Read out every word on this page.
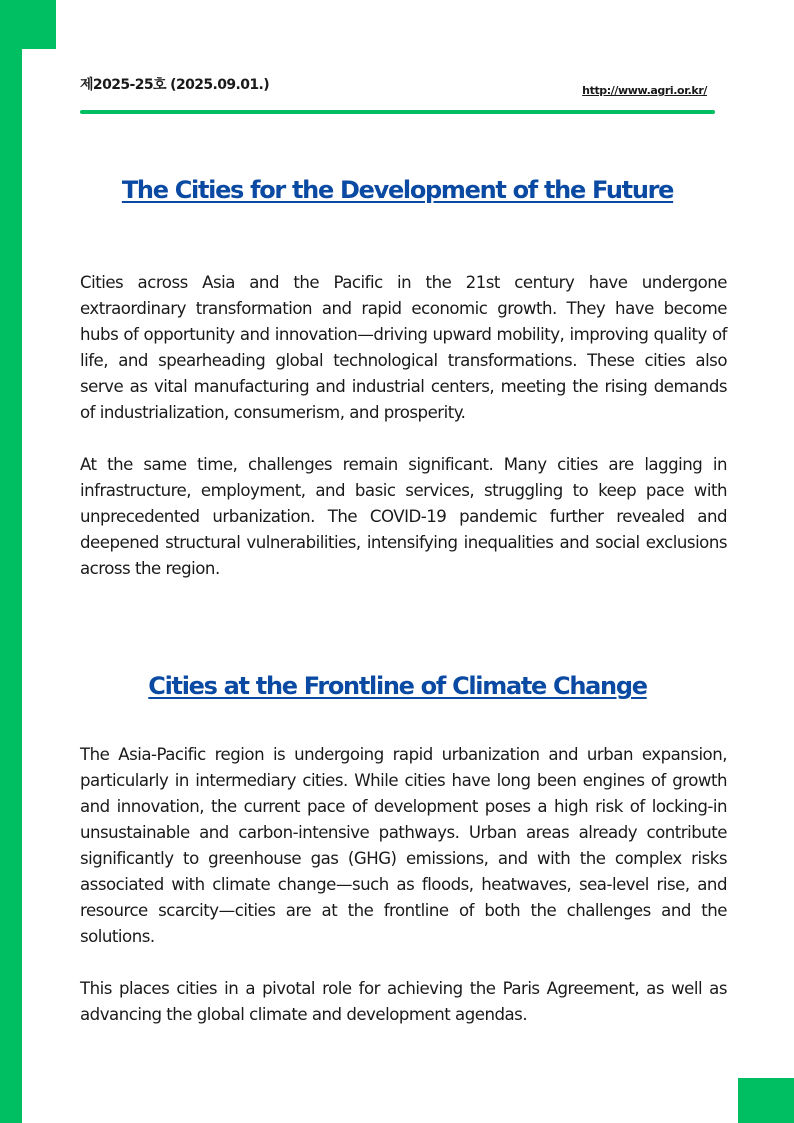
제2025-25호 (2025.09.01.)	http://www.agri.or.kr/
The Cities for the Development of the Future

Cities across Asia and the Pacific in the 21st century have undergone extraordinary transformation and rapid economic growth. They have become hubs of opportunity and innovation—driving upward mobility, improving quality of life, and spearheading global technological transformations. These cities also serve as vital manufacturing and industrial centers, meeting the rising demands of industrialization, consumerism, and prosperity.

At the same time, challenges remain significant. Many cities are lagging in infrastructure, employment, and basic services, struggling to keep pace with unprecedented urbanization. The COVID-19 pandemic further revealed and deepened structural vulnerabilities, intensifying inequalities and social exclusions across the region.

Cities at the Frontline of Climate Change

The Asia-Pacific region is undergoing rapid urbanization and urban expansion, particularly in intermediary cities. While cities have long been engines of growth and innovation, the current pace of development poses a high risk of locking-in unsustainable and carbon-intensive pathways. Urban areas already contribute significantly to greenhouse gas (GHG) emissions, and with the complex risks associated with climate change—such as floods, heatwaves, sea-level rise, and resource scarcity—cities are at the frontline of both the challenges and the solutions.

This places cities in a pivotal role for achieving the Paris Agreement, as well as advancing the global climate and development agendas.
